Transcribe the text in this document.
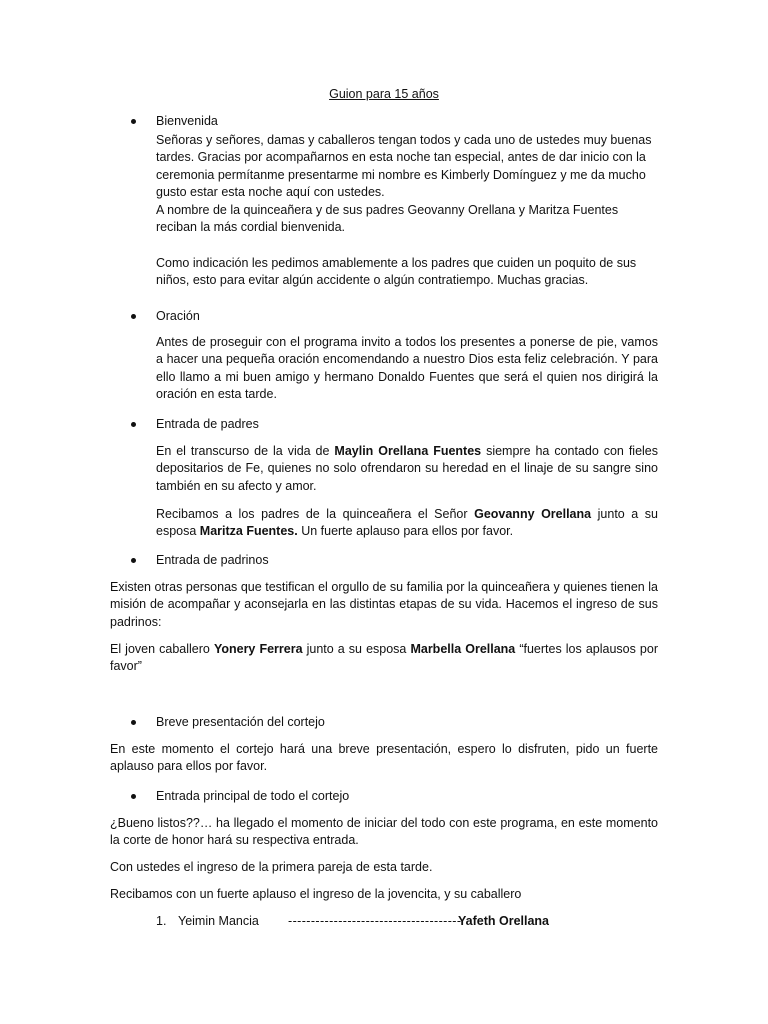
Guion para 15 años
Bienvenida
Señoras y señores, damas y caballeros tengan todos y cada uno de ustedes muy buenas tardes. Gracias por acompañarnos en esta noche tan especial, antes de dar inicio con la ceremonia permítanme presentarme mi nombre es Kimberly Domínguez y me da mucho gusto estar esta noche aquí con ustedes.
A nombre de la quinceañera y de sus padres Geovanny Orellana y Maritza Fuentes reciban la más cordial bienvenida.
Como indicación les pedimos amablemente a los padres que cuiden un poquito de sus niños, esto para evitar algún accidente o algún contratiempo. Muchas gracias.
Oración
Antes de proseguir con el programa invito a todos los presentes a ponerse de pie, vamos a hacer una pequeña oración encomendando a nuestro Dios esta feliz celebración. Y para ello llamo a mi buen amigo y hermano Donaldo Fuentes que será el quien nos dirigirá la oración en esta tarde.
Entrada de padres
En el transcurso de la vida de Maylin Orellana Fuentes siempre ha contado con fieles depositarios de Fe, quienes no solo ofrendaron su heredad en el linaje de su sangre sino también en su afecto y amor.
Recibamos a los padres de la quinceañera el Señor Geovanny Orellana junto a su esposa Maritza Fuentes. Un fuerte aplauso para ellos por favor.
Entrada de padrinos
Existen otras personas que testifican el orgullo de su familia por la quinceañera y quienes tienen la misión de acompañar y aconsejarla en las distintas etapas de su vida. Hacemos el ingreso de sus padrinos:
El joven caballero Yonery Ferrera junto a su esposa Marbella Orellana “fuertes los aplausos por favor”
Breve presentación del cortejo
En este momento el cortejo hará una breve presentación, espero lo disfruten, pido un fuerte aplauso para ellos por favor.
Entrada principal de todo el cortejo
¿Bueno listos??… ha llegado el momento de iniciar del todo con este programa, en este momento la corte de honor hará su respectiva entrada.
Con ustedes el ingreso de la primera pareja de esta tarde.
Recibamos con un fuerte aplauso el ingreso de la jovencita, y su caballero
1. Yeimin Mancia --------------------------------------
Yafeth Orellana
